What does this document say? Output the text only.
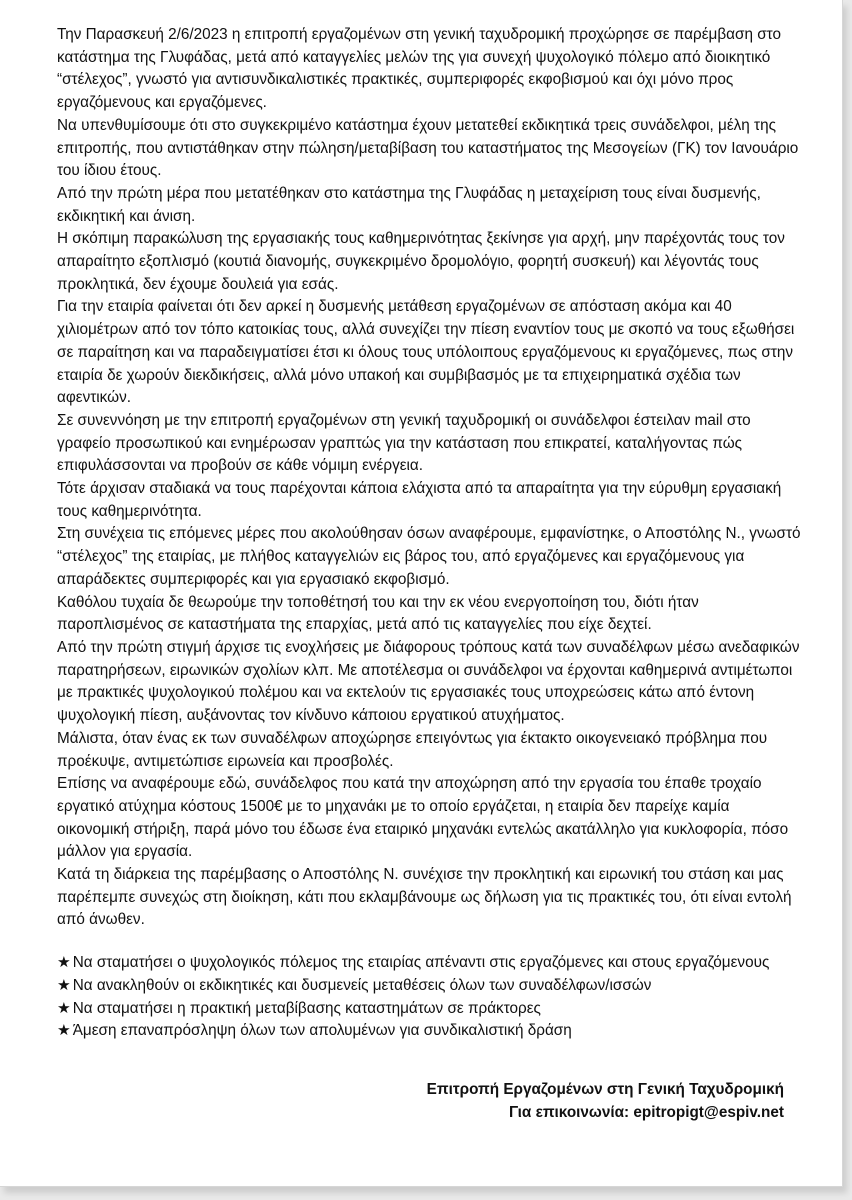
Την Παρασκευή 2/6/2023 η επιτροπή εργαζομένων στη γενική ταχυδρομική προχώρησε σε παρέμβαση στο κατάστημα της Γλυφάδας, μετά από καταγγελίες μελών της για συνεχή ψυχολογικό πόλεμο από διοικητικό “στέλεχος”, γνωστό για αντισυνδικαλιστικές πρακτικές, συμπεριφορές εκφοβισμού και όχι μόνο προς εργαζόμενους και εργαζόμενες.

Να υπενθυμίσουμε ότι στο συγκεκριμένο κατάστημα έχουν μετατεθεί εκδικητικά τρεις συνάδελφοι, μέλη της επιτροπής, που αντιστάθηκαν στην πώληση/μεταβίβαση του καταστήματος της Μεσογείων (ΓΚ) τον Ιανουάριο του ίδιου έτους.

Από την πρώτη μέρα που μετατέθηκαν στο κατάστημα της Γλυφάδας η μεταχείριση τους είναι δυσμενής, εκδικητική και άνιση.

Η σκόπιμη παρακώλυση της εργασιακής τους καθημερινότητας ξεκίνησε για αρχή, μην παρέχοντάς τους τον απαραίτητο εξοπλισμό (κουτιά διανομής, συγκεκριμένο δρομολόγιο, φορητή συσκευή) και λέγοντάς τους προκλητικά, δεν έχουμε δουλειά για εσάς.

Για την εταιρία φαίνεται ότι δεν αρκεί η δυσμενής μετάθεση εργαζομένων σε απόσταση ακόμα και 40 χιλιομέτρων από τον τόπο κατοικίας τους, αλλά συνεχίζει την πίεση εναντίον τους με σκοπό να τους εξωθήσει σε παραίτηση και να παραδειγματίσει έτσι κι όλους τους υπόλοιπους εργαζόμενους κι εργαζόμενες, πως στην εταιρία δε χωρούν διεκδικήσεις, αλλά μόνο υπακοή και συμβιβασμός με τα επιχειρηματικά σχέδια των αφεντικών.

Σε συνεννόηση με την επιτροπή εργαζομένων στη γενική ταχυδρομική οι συνάδελφοι έστειλαν mail στο γραφείο προσωπικού και ενημέρωσαν γραπτώς για την κατάσταση που επικρατεί, καταλήγοντας πώς επιφυλάσσονται να προβούν σε κάθε νόμιμη ενέργεια.

Τότε άρχισαν σταδιακά να τους παρέχονται κάποια ελάχιστα από τα απαραίτητα για την εύρυθμη εργασιακή τους καθημερινότητα.

Στη συνέχεια τις επόμενες μέρες που ακολούθησαν όσων αναφέρουμε, εμφανίστηκε, ο Αποστόλης Ν., γνωστό “στέλεχος” της εταιρίας, με πλήθος καταγγελιών εις βάρος του, από εργαζόμενες και εργαζόμενους για απαράδεκτες συμπεριφορές και για εργασιακό εκφοβισμό.

Καθόλου τυχαία δε θεωρούμε την τοποθέτησή του και την εκ νέου ενεργοποίηση του, διότι ήταν παροπλισμένος σε καταστήματα της επαρχίας, μετά από τις καταγγελίες που είχε δεχτεί.

Από την πρώτη στιγμή άρχισε τις ενοχλήσεις με διάφορους τρόπους κατά των συναδέλφων μέσω ανεδαφικών παρατηρήσεων, ειρωνικών σχολίων κλπ. Με αποτέλεσμα οι συνάδελφοι να έρχονται καθημερινά αντιμέτωποι με πρακτικές ψυχολογικού πολέμου και να εκτελούν τις εργασιακές τους υποχρεώσεις κάτω από έντονη ψυχολογική πίεση, αυξάνοντας τον κίνδυνο κάποιου εργατικού ατυχήματος.

Μάλιστα, όταν ένας εκ των συναδέλφων αποχώρησε επειγόντως για έκτακτο οικογενειακό πρόβλημα που προέκυψε, αντιμετώπισε ειρωνεία και προσβολές.

Επίσης να αναφέρουμε εδώ, συνάδελφος που κατά την αποχώρηση από την εργασία του έπαθε τροχαίο εργατικό ατύχημα κόστους 1500€ με το μηχανάκι με το οποίο εργάζεται, η εταιρία δεν παρείχε καμία οικονομική στήριξη, παρά μόνο του έδωσε ένα εταιρικό μηχανάκι εντελώς ακατάλληλο για κυκλοφορία, πόσο μάλλον για εργασία.

Κατά τη διάρκεια της παρέμβασης ο Αποστόλης Ν. συνέχισε την προκλητική και ειρωνική του στάση και μας παρέπεμπε συνεχώς στη διοίκηση, κάτι που εκλαμβάνουμε ως δήλωση για τις πρακτικές του, ότι είναι εντολή από άνωθεν.

★ Να σταματήσει ο ψυχολογικός πόλεμος της εταιρίας απέναντι στις εργαζόμενες και στους εργαζόμενους
★ Να ανακληθούν οι εκδικητικές και δυσμενείς μεταθέσεις όλων των συναδέλφων/ισσών
★ Να σταματήσει η πρακτική μεταβίβασης καταστημάτων σε πράκτορες
★ Άμεση επαναπρόσληψη όλων των απολυμένων για συνδικαλιστική δράση
Επιτροπή Εργαζομένων στη Γενική Ταχυδρομική
Για επικοινωνία: epitropigt@espiv.net
